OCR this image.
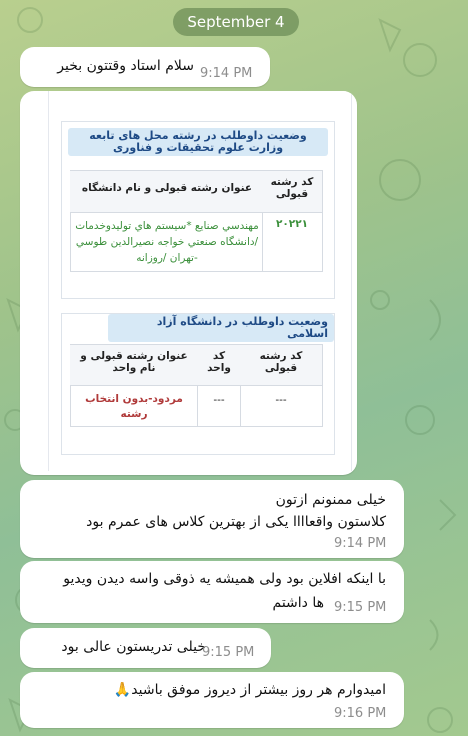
September 4
سلام استاد وقتتون بخیر 9:14 PM
وضعیت داوطلب در رشته محل های تابعه
وزارت علوم تحقیقات و فناوری
کد رشته قبولی
عنوان رشته قبولی و نام دانشگاه
۲۰۲۲۱
مهندسي صنايع *سيستم هاي توليدوخدمات /دانشگاه صنعتي خواجه نصيرالدين طوسي -تهران /روزانه
وضعیت داوطلب در دانشگاه آزاد اسلامی
کد رشته قبولی
کد واحد
عنوان رشته قبولی و نام واحد
---
---
مردود-بدون انتخاب رشته
خیلی ممنونم ازتون
کلاستون واقعاااا یکی از بهترین کلاس های عمرم بود
9:14 PM
با اینکه افلاین بود ولی همیشه یه ذوقی واسه دیدن ویدیو
ها داشتم 9:15 PM
خیلی تدریستون عالی بود
9:15 PM
امیدوارم هر روز بیشتر از دیروز موفق باشید🙏
9:16 PM
